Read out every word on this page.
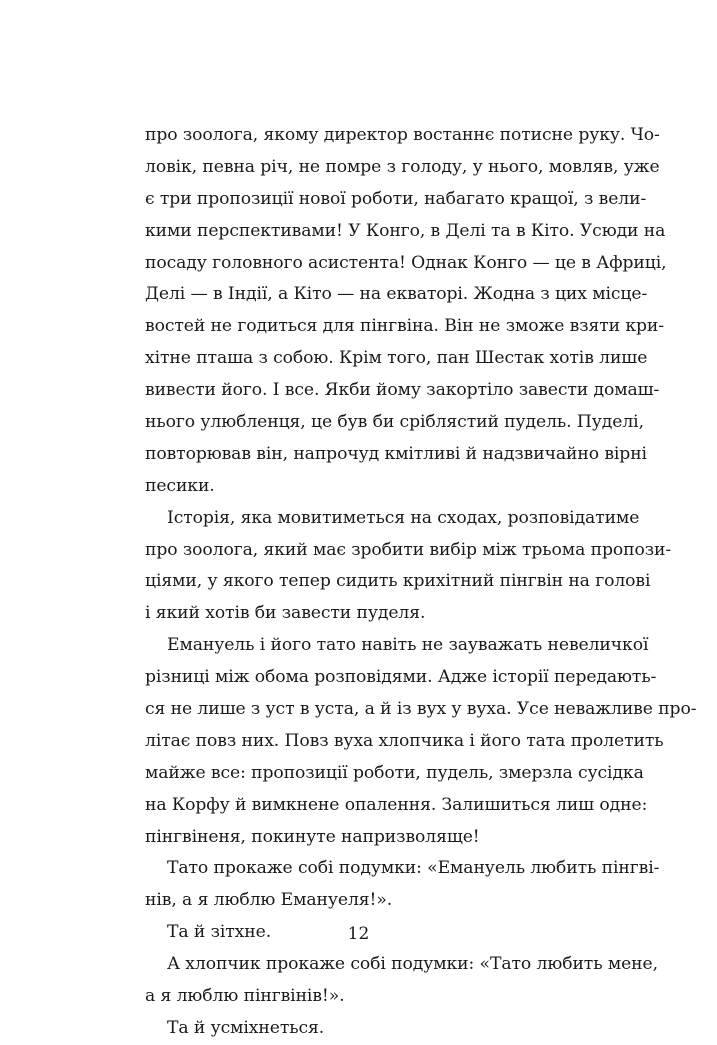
про зоолога, якому директор востаннє потисне руку. Чо-
ловік, певна річ, не помре з голоду, у нього, мовляв, уже
є три пропозиції нової роботи, набагато кращої, з вели-
кими перспективами! У Конго, в Делі та в Кіто. Усюди на
посаду головного асистента! Однак Конго — це в Африці,
Делі — в Індії, а Кіто — на екваторі. Жодна з цих місце-
востей не годиться для пінгвіна. Він не зможе взяти кри-
хітне пташа з собою. Крім того, пан Шестак хотів лише
вивести його. І все. Якби йому закортіло завести домаш-
нього улюбленця, це був би сріблястий пудель. Пуделі,
повторював він, напрочуд кмітливі й надзвичайно вірні
песики.
Історія, яка мовитиметься на сходах, розповідатиме
про зоолога, який має зробити вибір між трьома пропози-
ціями, у якого тепер сидить крихітний пінгвін на голові
і який хотів би завести пуделя.
Емануель і його тато навіть не зауважать невеличкої
різниці між обома розповідями. Адже історії передають-
ся не лише з уст в уста, а й із вух у вуха. Усе неважливе про-
літає повз них. Повз вуха хлопчика і його тата пролетить
майже все: пропозиції роботи, пудель, змерзла сусідка
на Корфу й вимкнене опалення. Залишиться лиш одне:
пінгвіненя, покинуте напризволяще!
Тато прокаже собі подумки: «Емануель любить пінгві-
нів, а я люблю Емануеля!».
Та й зітхне.
А хлопчик прокаже собі подумки: «Тато любить мене,
а я люблю пінгвінів!».
Та й усміхнеться.
12
